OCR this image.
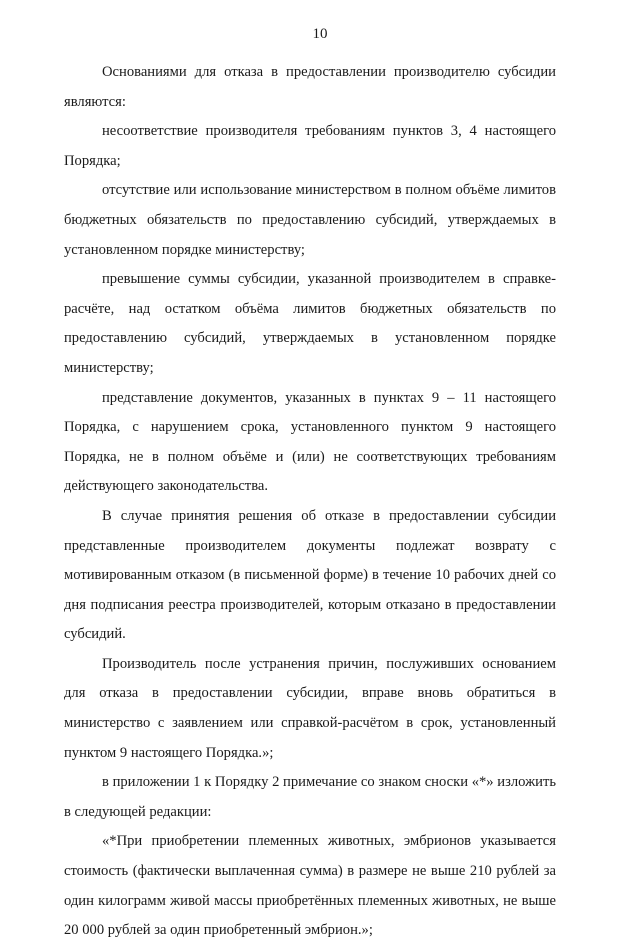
10

Основаниями для отказа в предоставлении производителю субсидии являются:

несоответствие производителя требованиям пунктов 3, 4 настоящего Порядка;

отсутствие или использование министерством в полном объёме лимитов бюджетных обязательств по предоставлению субсидий, утверждаемых в установленном порядке министерству;

превышение суммы субсидии, указанной производителем в справке-расчёте, над остатком объёма лимитов бюджетных обязательств по предоставлению субсидий, утверждаемых в установленном порядке министерству;

представление документов, указанных в пунктах 9 – 11 настоящего Порядка, с нарушением срока, установленного пунктом 9 настоящего Порядка, не в полном объёме и (или) не соответствующих требованиям действующего законодательства.

В случае принятия решения об отказе в предоставлении субсидии представленные производителем документы подлежат возврату с мотивированным отказом (в письменной форме) в течение 10 рабочих дней со дня подписания реестра производителей, которым отказано в предоставлении субсидий.

Производитель после устранения причин, послуживших основанием для отказа в предоставлении субсидии, вправе вновь обратиться в министерство с заявлением или справкой-расчётом в срок, установленный пунктом 9 настоящего Порядка.»;

в приложении 1 к Порядку 2 примечание со знаком сноски «*» изложить в следующей редакции:

«*При приобретении племенных животных, эмбрионов указывается стоимость (фактически выплаченная сумма) в размере не выше 210 рублей за один килограмм живой массы приобретённых племенных животных, не выше 20 000 рублей за один приобретенный эмбрион.»;
